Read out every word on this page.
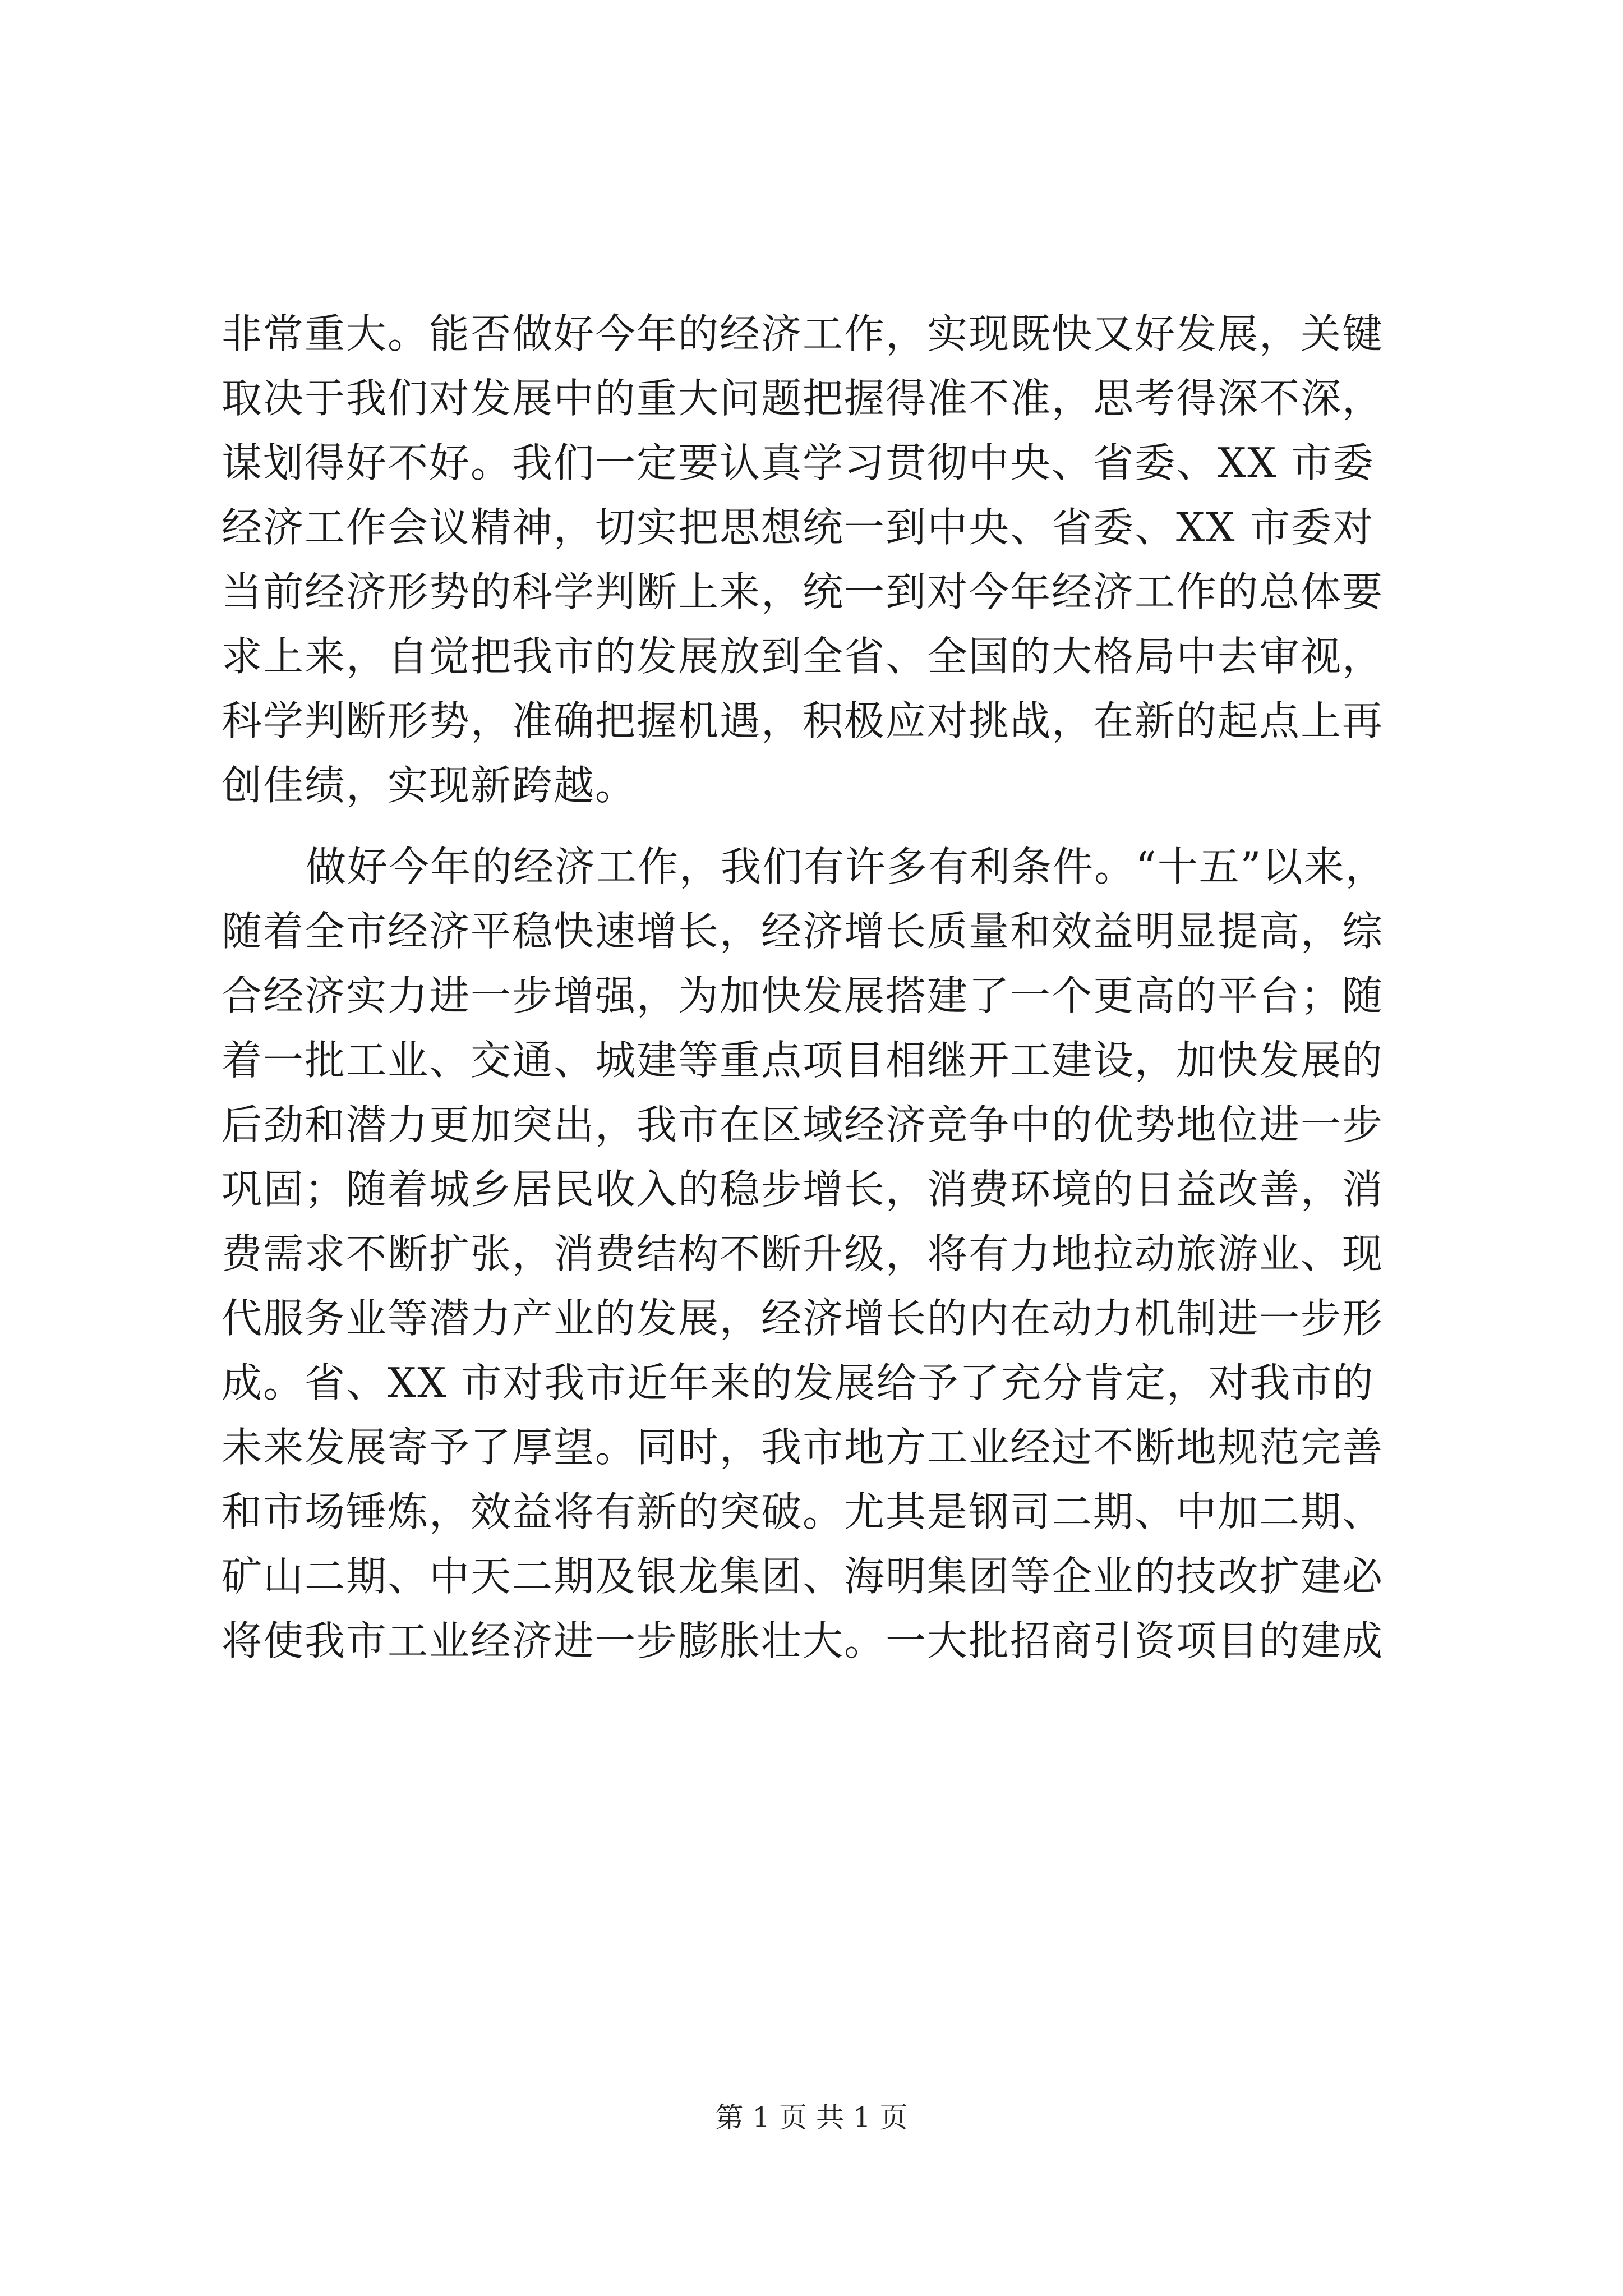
非常重大。能否做好今年的经济工作，实现既快又好发展，关键
取决于我们对发展中的重大问题把握得准不准，思考得深不深，
谋划得好不好。我们一定要认真学习贯彻中央、省委、XX 市委
经济工作会议精神，切实把思想统一到中央、省委、XX 市委对
当前经济形势的科学判断上来，统一到对今年经济工作的总体要
求上来，自觉把我市的发展放到全省、全国的大格局中去审视，
科学判断形势，准确把握机遇，积极应对挑战，在新的起点上再
创佳绩，实现新跨越。
做好今年的经济工作，我们有许多有利条件。“十五”以来，
随着全市经济平稳快速增长，经济增长质量和效益明显提高，综
合经济实力进一步增强，为加快发展搭建了一个更高的平台；随
着一批工业、交通、城建等重点项目相继开工建设，加快发展的
后劲和潜力更加突出，我市在区域经济竞争中的优势地位进一步
巩固；随着城乡居民收入的稳步增长，消费环境的日益改善，消
费需求不断扩张，消费结构不断升级，将有力地拉动旅游业、现
代服务业等潜力产业的发展，经济增长的内在动力机制进一步形
成。省、XX 市对我市近年来的发展给予了充分肯定，对我市的
未来发展寄予了厚望。同时，我市地方工业经过不断地规范完善
和市场锤炼，效益将有新的突破。尤其是钢司二期、中加二期、
矿山二期、中天二期及银龙集团、海明集团等企业的技改扩建必
将使我市工业经济进一步膨胀壮大。一大批招商引资项目的建成
第 1 页 共 1 页
